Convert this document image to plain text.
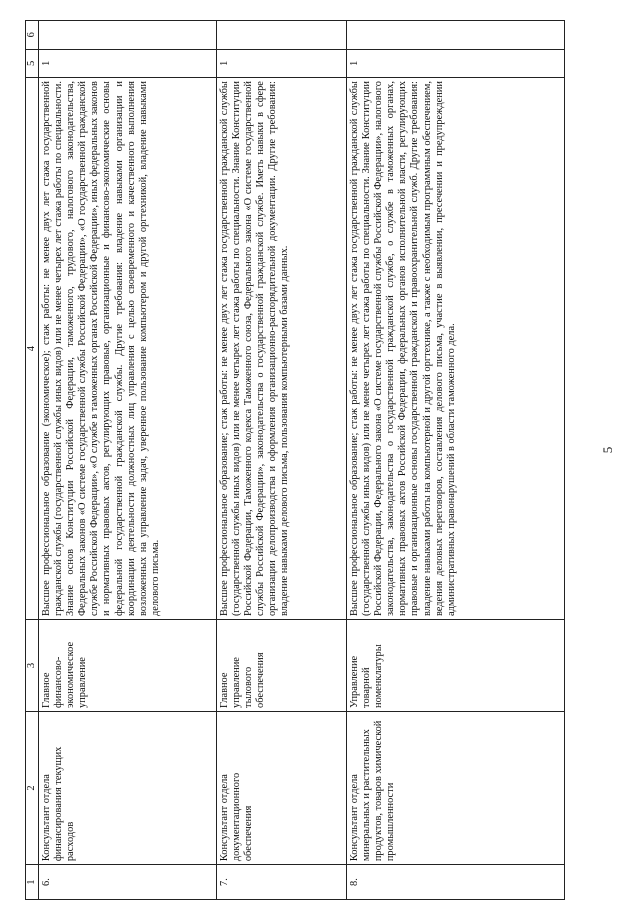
1	2	3	4	5	6
6.	Консультант отдела финансирования текущих расходов	Главное финансово-экономическое управление	Высшее профессиональное образование (экономическое); стаж работы: не менее двух лет стажа государственной гражданской службы (государственной службы иных видов) или не менее четырех лет стажа работы по специальности. Знание основ Конституции Российской Федерации, таможенного, трудового, налогового законодательства, Федеральных законов «О системе государственной службы Российской Федерации», «О государственной гражданской службе Российской Федерации», «О службе в таможенных органах Российской Федерации», иных федеральных законов и нормативных правовых актов, регулирующих правовые, организационные и финансово-экономические основы федеральной государственной гражданской службы. Другие требования: владение навыками организации и координации деятельности должностных лиц управления с целью своевременного и качественного выполнения возложенных на управление задач, уверенное пользование компьютером и другой оргтехникой, владение навыками делового письма.	1	
7.	Консультант отдела документационного обеспечения	Главное управление тылового обеспечения	Высшее профессиональное образование; стаж работы: не менее двух лет стажа государственной гражданской службы (государственной службы иных видов) или не менее четырех лет стажа работы по специальности. Знание Конституции Российской Федерации, Таможенного кодекса Таможенного союза, Федерального закона «О системе государственной службы Российской Федерации», законодательства о государственной гражданской службе. Иметь навыки в сфере организации делопроизводства и оформления организационно-распорядительной документации. Другие требования: владение навыками делового письма, пользования компьютерными базами данных.	1	
8.	Консультант отдела минеральных и растительных продуктов, товаров химической промышленности	Управление товарной номенклатуры	Высшее профессиональное образование; стаж работы: не менее двух лет стажа государственной гражданской службы (государственной службы иных видов) или не менее четырех лет стажа работы по специальности. Знание Конституции Российской Федерации, Федерального закона «О системе государственной службы Российской Федерации», налогового законодательства, законодательства о государственной гражданской службе, о службе в таможенных органах, нормативных правовых актов Российской Федерации, федеральных органов исполнительной власти, регулирующих правовые и организационные основы государственной гражданской и правоохранительной служб. Другие требования: владение навыками работы на компьютерной и другой оргтехнике, а также с необходимым программным обеспечением, ведения деловых переговоров, составления делового письма, участие в выявлении, пресечении и предупреждении административных правонарушений в области таможенного дела.	1	
5
